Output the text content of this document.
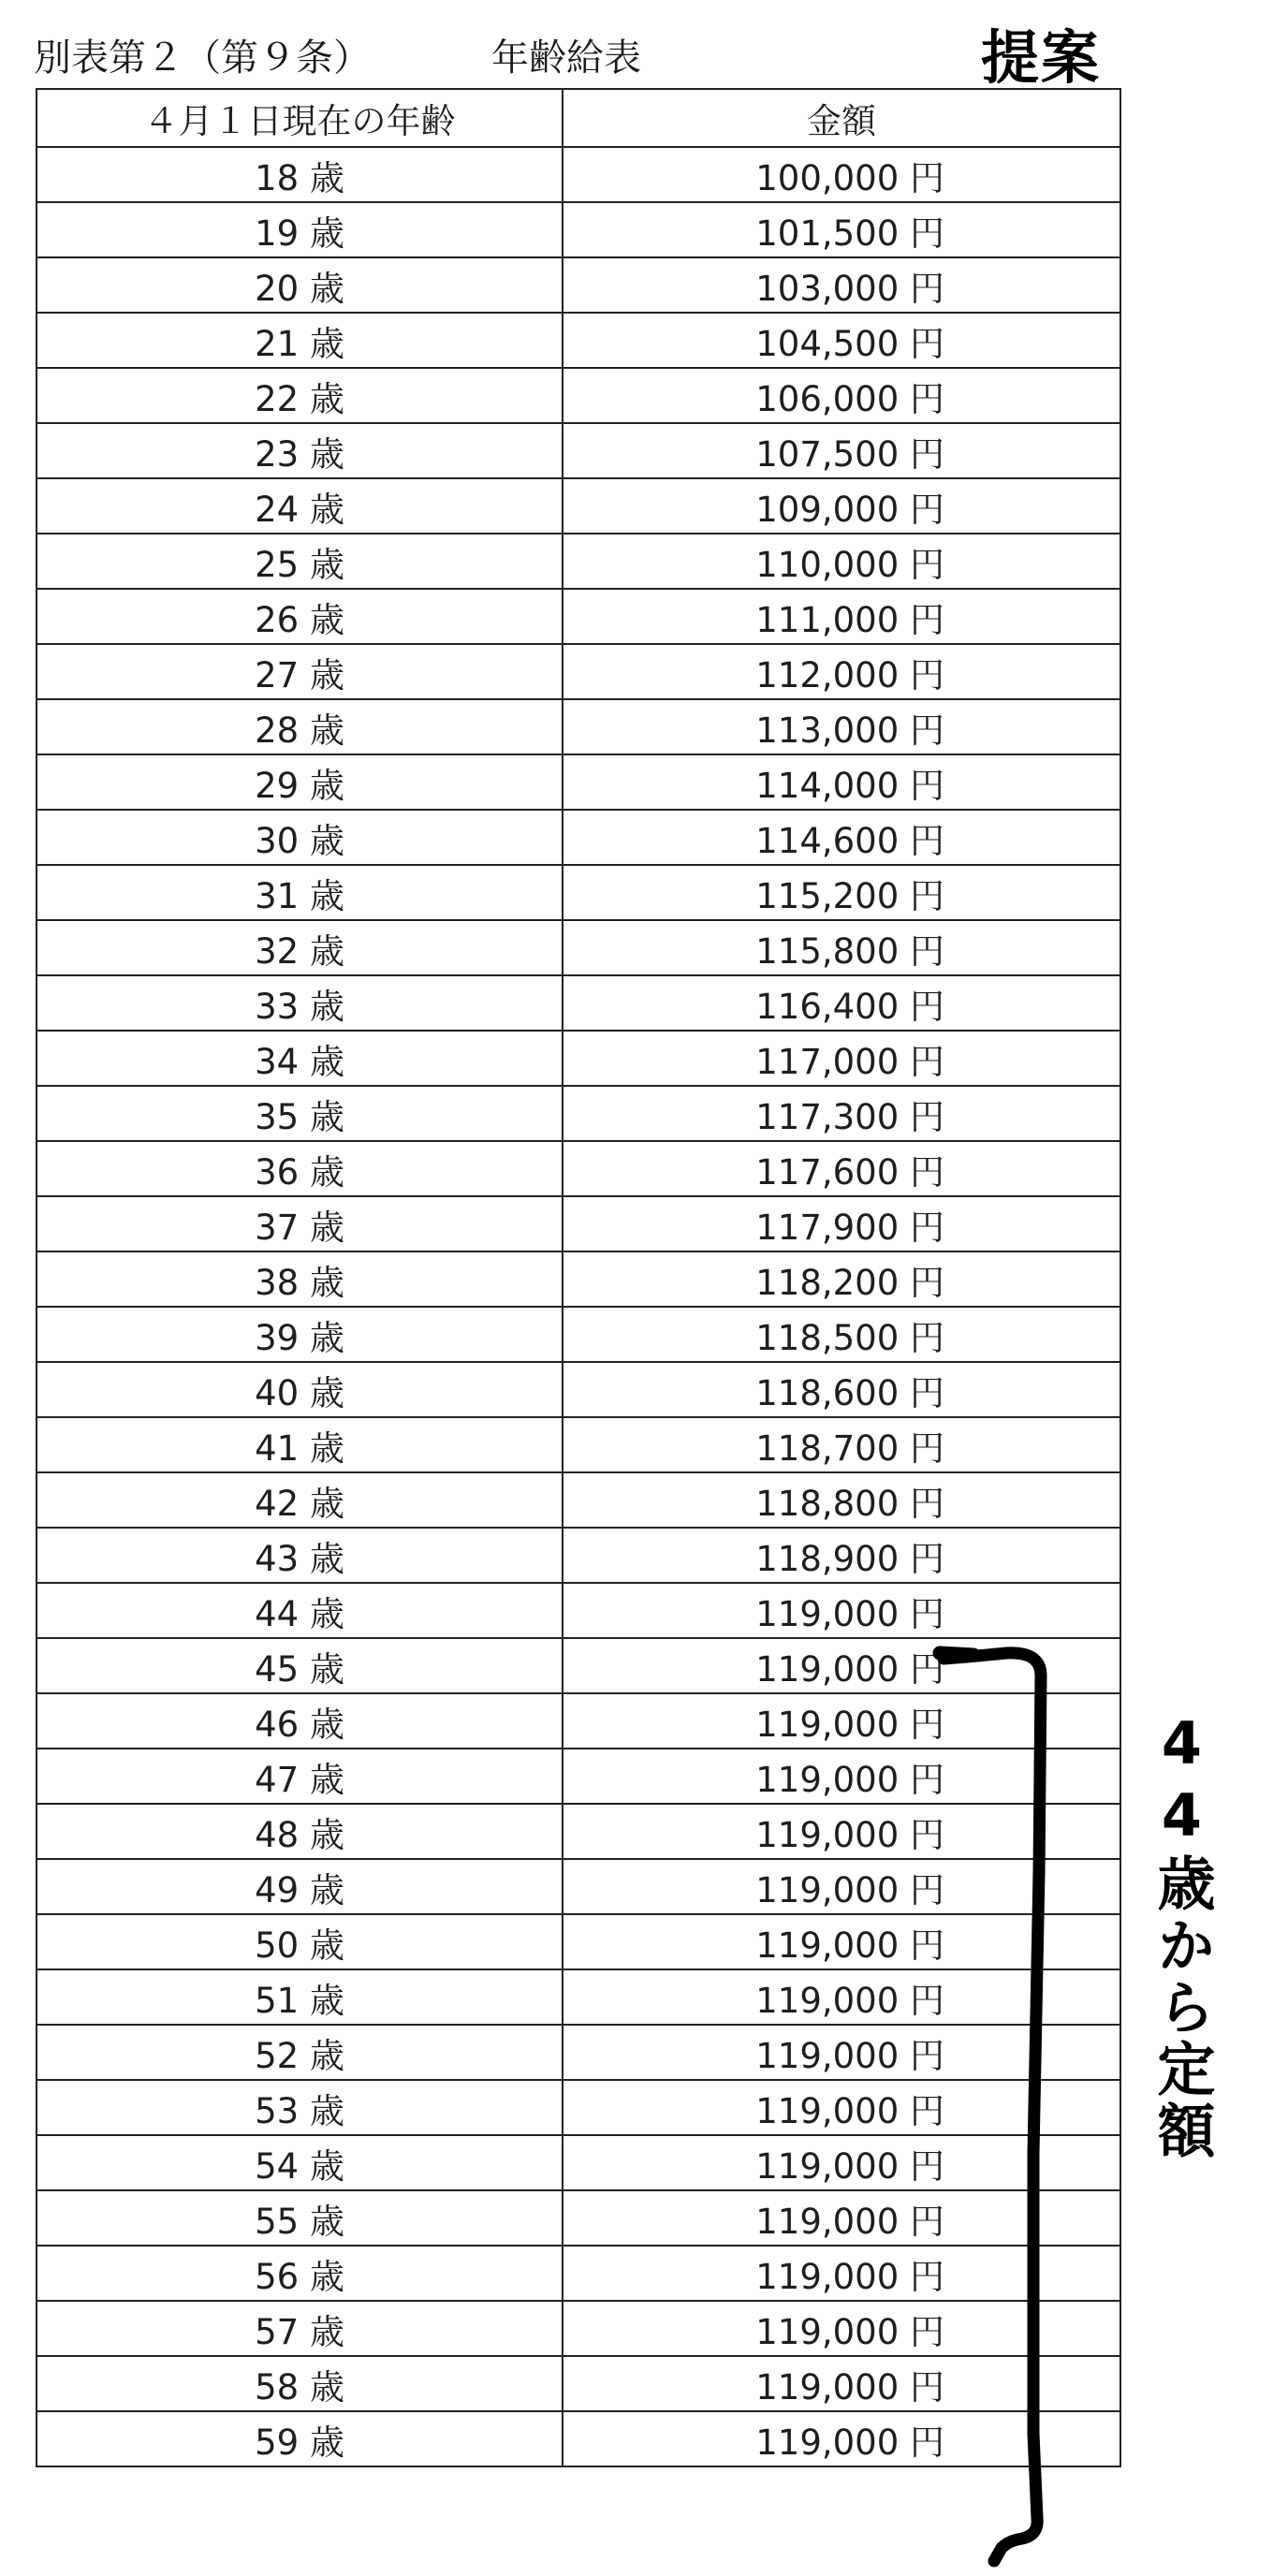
別表第２（第９条）	年齢給表	提案
４月１日現在の年齢	金額
18 歳	100,000 円
19 歳	101,500 円
20 歳	103,000 円
21 歳	104,500 円
22 歳	106,000 円
23 歳	107,500 円
24 歳	109,000 円
25 歳	110,000 円
26 歳	111,000 円
27 歳	112,000 円
28 歳	113,000 円
29 歳	114,000 円
30 歳	114,600 円
31 歳	115,200 円
32 歳	115,800 円
33 歳	116,400 円
34 歳	117,000 円
35 歳	117,300 円
36 歳	117,600 円
37 歳	117,900 円
38 歳	118,200 円
39 歳	118,500 円
40 歳	118,600 円
41 歳	118,700 円
42 歳	118,800 円
43 歳	118,900 円
44 歳	119,000 円
45 歳	119,000 円
46 歳	119,000 円
47 歳	119,000 円
48 歳	119,000 円
49 歳	119,000 円
50 歳	119,000 円
51 歳	119,000 円
52 歳	119,000 円
53 歳	119,000 円
54 歳	119,000 円
55 歳	119,000 円
56 歳	119,000 円
57 歳	119,000 円
58 歳	119,000 円
59 歳	119,000 円
44歳から定額
